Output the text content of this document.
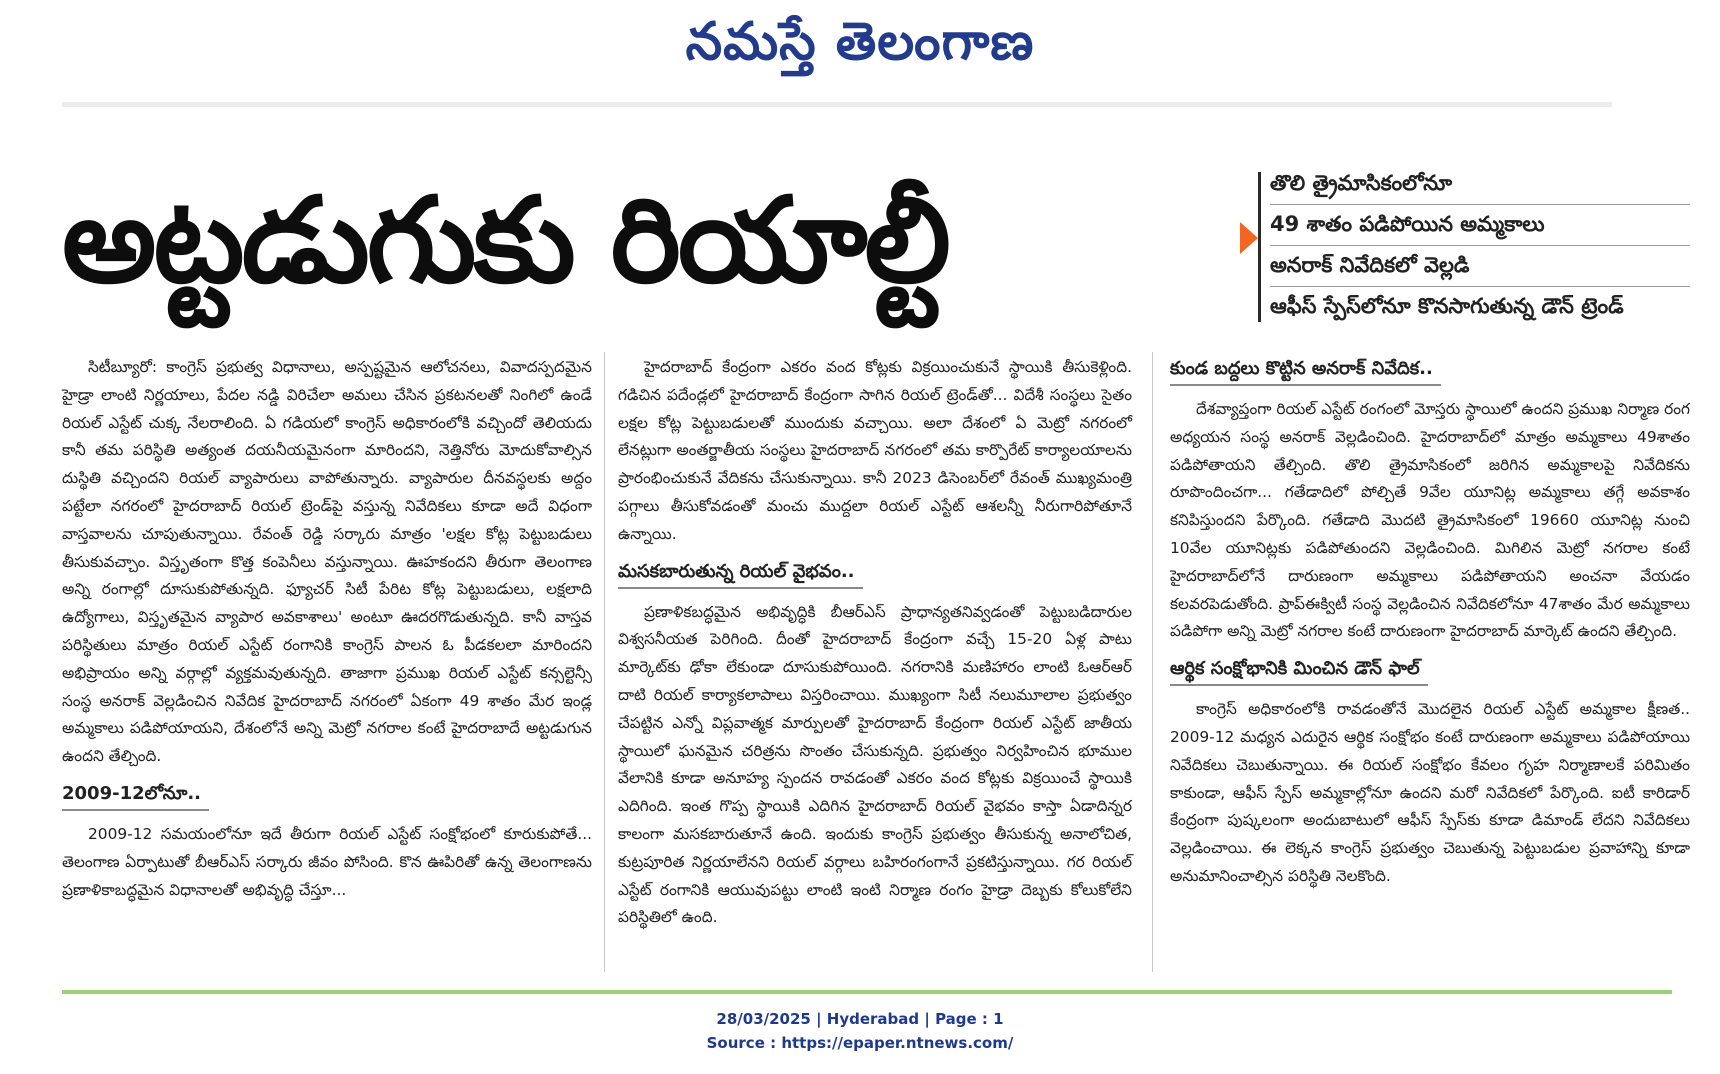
నమస్తే తెలంగాణ
అట్టడుగుకు రియాల్టీ	తొలి త్రైమాసికంలోనూ
49 శాతం పడిపోయిన అమ్మకాలు
అనరాక్ నివేదికలో వెల్లడి
ఆఫీస్ స్పేస్‌లోనూ కొనసాగుతున్న డౌన్ ట్రెండ్

సిటీబ్యూరో: కాంగ్రెస్ ప్రభుత్వ విధానాలు, అస్పష్టమైన ఆలోచనలు, వివాదస్పదమైన హైడ్రా లాంటి నిర్ణయాలు, పేదల నడ్డి విరిచేలా అమలు చేసిన ప్రకటనలతో నింగిలో ఉండే రియల్ ఎస్టేట్ చుక్క నేలరాలింది. ఏ గడియలో కాంగ్రెస్ అధికారంలోకి వచ్చిందో తెలియదు కానీ తమ పరిస్థితి అత్యంత దయనీయమైనంగా మారిందని, నెత్తినోరు మోదుకోవాల్సిన దుస్థితి వచ్చిందని రియల్ వ్యాపారులు వాపోతున్నారు. వ్యాపారుల దీనవస్థలకు అద్దం పట్టేలా నగరంలో హైదరాబాద్ రియల్ ట్రెండ్‌పై వస్తున్న నివేదికలు కూడా అదే విధంగా వాస్తవాలను చూపుతున్నాయి. రేవంత్ రెడ్డి సర్కారు మాత్రం 'లక్షల కోట్ల పెట్టుబడులు తీసుకువచ్చాం. విస్తృతంగా కొత్త కంపెనీలు వస్తున్నాయి. ఊహకందని తీరుగా తెలంగాణ అన్ని రంగాల్లో దూసుకుపోతున్నది. ఫ్యూచర్ సిటీ పేరిట కోట్ల పెట్టుబడులు, లక్షలాది ఉద్యోగాలు, విస్తృతమైన వ్యాపార అవకాశాలు' అంటూ ఊదరగొడుతున్నది. కానీ వాస్తవ పరిస్థితులు మాత్రం రియల్ ఎస్టేట్ రంగానికి కాంగ్రెస్ పాలన ఓ పీడకలలా మారిందని అభిప్రాయం అన్ని వర్గాల్లో వ్యక్తమవుతున్నది. తాజాగా ప్రముఖ రియల్ ఎస్టేట్ కన్సల్టెన్సీ సంస్థ అనరాక్ వెల్లడించిన నివేదిక హైదరాబాద్ నగరంలో ఏకంగా 49 శాతం మేర ఇండ్ల అమ్మకాలు పడిపోయాయని, దేశంలోనే అన్ని మెట్రో నగరాల కంటే హైదరాబాదే అట్టడుగున ఉందని తేల్చింది.

2009-12లోనూ..

2009-12 సమయంలోనూ ఇదే తీరుగా రియల్ ఎస్టేట్ సంక్షోభంలో కూరుకుపోతే... తెలంగాణ ఏర్పాటుతో బీఆర్‌ఎస్ సర్కారు జీవం పోసింది. కొన ఊపిరితో ఉన్న తెలంగాణను ప్రణాళికాబద్ధమైన విధానాలతో అభివృద్ధి చేస్తూ...

హైదరాబాద్ కేంద్రంగా ఎకరం వంద కోట్లకు విక్రయించుకునే స్థాయికి తీసుకెళ్లింది. గడిచిన పదేండ్లలో హైదరాబాద్ కేంద్రంగా సాగిన రియల్ ట్రెండ్‌తో... విదేశీ సంస్థలు సైతం లక్షల కోట్ల పెట్టుబడులతో ముందుకు వచ్చాయి. అలా దేశంలో ఏ మెట్రో నగరంలో లేనట్లుగా అంతర్జాతీయ సంస్థలు హైదరాబాద్ నగరంలో తమ కార్పొరేట్ కార్యాలయాలను ప్రారంభించుకునే వేదికను చేసుకున్నాయి. కానీ 2023 డిసెంబర్‌లో రేవంత్ ముఖ్యమంత్రి పగ్గాలు తీసుకోవడంతో మంచు ముద్దలా రియల్ ఎస్టేట్ ఆశలన్నీ నీరుగారిపోతూనే ఉన్నాయి.

మసకబారుతున్న రియల్ వైభవం..

ప్రణాళికబద్ధమైన అభివృద్ధికి బీఆర్‌ఎస్ ప్రాధాన్యతనివ్వడంతో పెట్టుబడిదారుల విశ్వసనీయత పెరిగింది. దీంతో హైదరాబాద్ కేంద్రంగా వచ్చే 15-20 ఏళ్ల పాటు మార్కెట్‌కు ఢోకా లేకుండా దూసుకుపోయింది. నగరానికి మణిహారం లాంటి ఓఆర్‌ఆర్ దాటి రియల్ కార్యాకలాపాలు విస్తరించాయి. ముఖ్యంగా సిటీ నలుమూలాల ప్రభుత్వం చేపట్టిన ఎన్నో విప్లవాత్మక మార్పులతో హైదరాబాద్ కేంద్రంగా రియల్ ఎస్టేట్ జాతీయ స్థాయిలో ఘనమైన చరిత్రను సొంతం చేసుకున్నది. ప్రభుత్వం నిర్వహించిన భూముల వేలానికి కూడా అనూహ్య స్పందన రావడంతో ఎకరం వంద కోట్లకు విక్రయించే స్థాయికి ఎదిగింది. ఇంత గొప్ప స్థాయికి ఎదిగిన హైదరాబాద్ రియల్ వైభవం కాస్తా ఏడాదిన్నర కాలంగా మసకబారుతూనే ఉంది. ఇందుకు కాంగ్రెస్ ప్రభుత్వం తీసుకున్న అనాలోచిత, కుట్రపూరిత నిర్ణయాలేనని రియల్ వర్గాలు బహిరంగంగానే ప్రకటిస్తున్నాయి. గర రియల్ ఎస్టేట్ రంగానికి ఆయువుపట్టు లాంటి ఇంటి నిర్మాణ రంగం హైడ్రా దెబ్బకు కోలుకోలేని పరిస్థితిలో ఉంది.

కుండ బద్దలు కొట్టిన అనరాక్ నివేదిక..

దేశవ్యాప్తంగా రియల్ ఎస్టేట్ రంగంలో మోస్తరు స్థాయిలో ఉందని ప్రముఖ నిర్మాణ రంగ అధ్యయన సంస్థ అనరాక్ వెల్లడించింది. హైదరాబాద్‌లో మాత్రం అమ్మకాలు 49శాతం పడిపోతాయని తేల్చింది. తొలి త్రైమాసికంలో జరిగిన అమ్మకాలపై నివేదికను రూపొందించగా... గతేడాదిలో పోల్చితే 9వేల యూనిట్ల అమ్మకాలు తగ్గే అవకాశం కనిపిస్తుందని పేర్కొంది. గతేడాది మొదటి త్రైమాసికంలో 19660 యూనిట్ల నుంచి 10వేల యూనిట్లకు పడిపోతుందని వెల్లడించింది. మిగిలిన మెట్రో నగరాల కంటే హైదరాబాద్‌లోనే దారుణంగా అమ్మకాలు పడిపోతాయని అంచనా వేయడం కలవరపెడుతోంది. ప్రాప్‌ఈక్విటీ సంస్థ వెల్లడించిన నివేదికలోనూ 47శాతం మేర అమ్మకాలు పడిపోగా అన్ని మెట్రో నగరాల కంటే దారుణంగా హైదరాబాద్ మార్కెట్ ఉందని తేల్చింది.

ఆర్థిక సంక్షోభానికి మించిన డౌన్ ఫాల్

కాంగ్రెస్ అధికారంలోకి రావడంతోనే మొదలైన రియల్ ఎస్టేట్ అమ్మకాల క్షీణత.. 2009-12 మధ్యన ఎదురైన ఆర్థిక సంక్షోభం కంటే దారుణంగా అమ్మకాలు పడిపోయాయి నివేదికలు చెబుతున్నాయి. ఈ రియల్ సంక్షోభం కేవలం గృహ నిర్మాణాలకే పరిమితం కాకుండా, ఆఫీస్ స్పేస్ అమ్మకాల్లోనూ ఉందని మరో నివేదికలో పేర్కొంది. ఐటీ కారిడార్ కేంద్రంగా పుష్కలంగా అందుబాటులో ఆఫీస్ స్పేస్‌కు కూడా డిమాండ్ లేదని నివేదికలు వెల్లడించాయి. ఈ లెక్కన కాంగ్రెస్ ప్రభుత్వం చెబుతున్న పెట్టుబడుల ప్రవాహాన్ని కూడా అనుమానించాల్సిన పరిస్థితి నెలకొంది.

28/03/2025 | Hyderabad | Page : 1
Source : https://epaper.ntnews.com/
